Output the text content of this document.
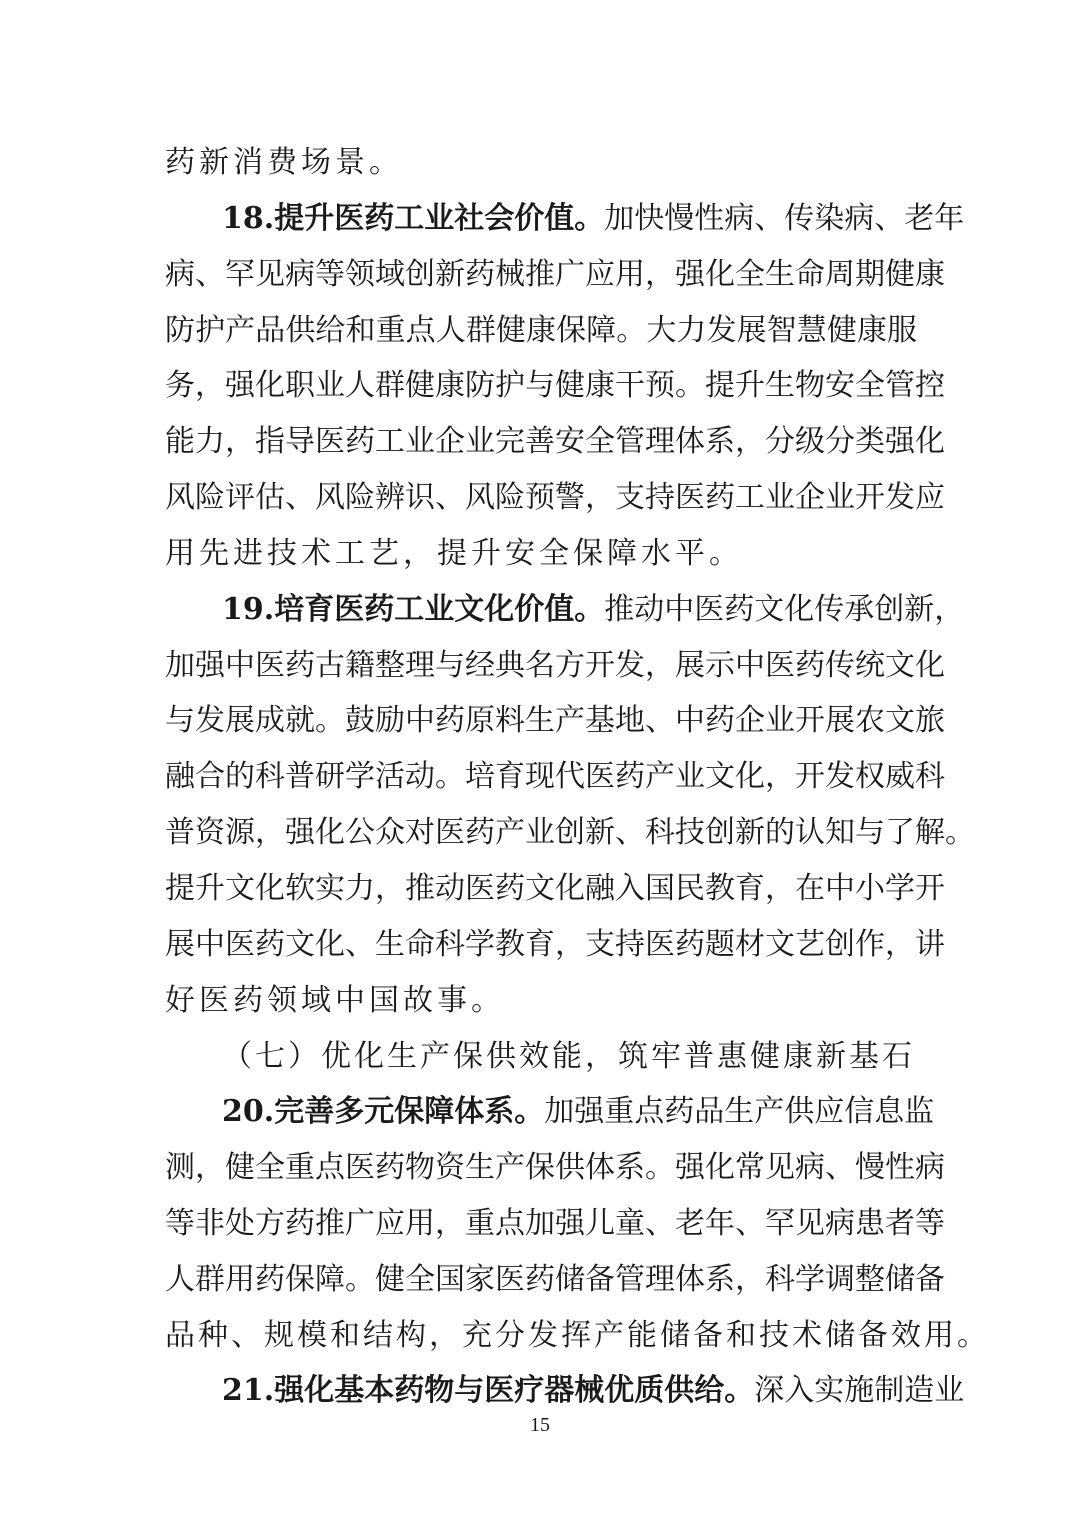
药新消费场景。
18.提升医药工业社会价值。加快慢性病、传染病、老年
病、罕见病等领域创新药械推广应用，强化全生命周期健康
防护产品供给和重点人群健康保障。大力发展智慧健康服
务，强化职业人群健康防护与健康干预。提升生物安全管控
能力，指导医药工业企业完善安全管理体系，分级分类强化
风险评估、风险辨识、风险预警，支持医药工业企业开发应
用先进技术工艺，提升安全保障水平。
19.培育医药工业文化价值。推动中医药文化传承创新，
加强中医药古籍整理与经典名方开发，展示中医药传统文化
与发展成就。鼓励中药原料生产基地、中药企业开展农文旅
融合的科普研学活动。培育现代医药产业文化，开发权威科
普资源，强化公众对医药产业创新、科技创新的认知与了解。
提升文化软实力，推动医药文化融入国民教育，在中小学开
展中医药文化、生命科学教育，支持医药题材文艺创作，讲
好医药领域中国故事。
（七）优化生产保供效能，筑牢普惠健康新基石
20.完善多元保障体系。加强重点药品生产供应信息监
测，健全重点医药物资生产保供体系。强化常见病、慢性病
等非处方药推广应用，重点加强儿童、老年、罕见病患者等
人群用药保障。健全国家医药储备管理体系，科学调整储备
品种、规模和结构，充分发挥产能储备和技术储备效用。
21.强化基本药物与医疗器械优质供给。深入实施制造业
15
